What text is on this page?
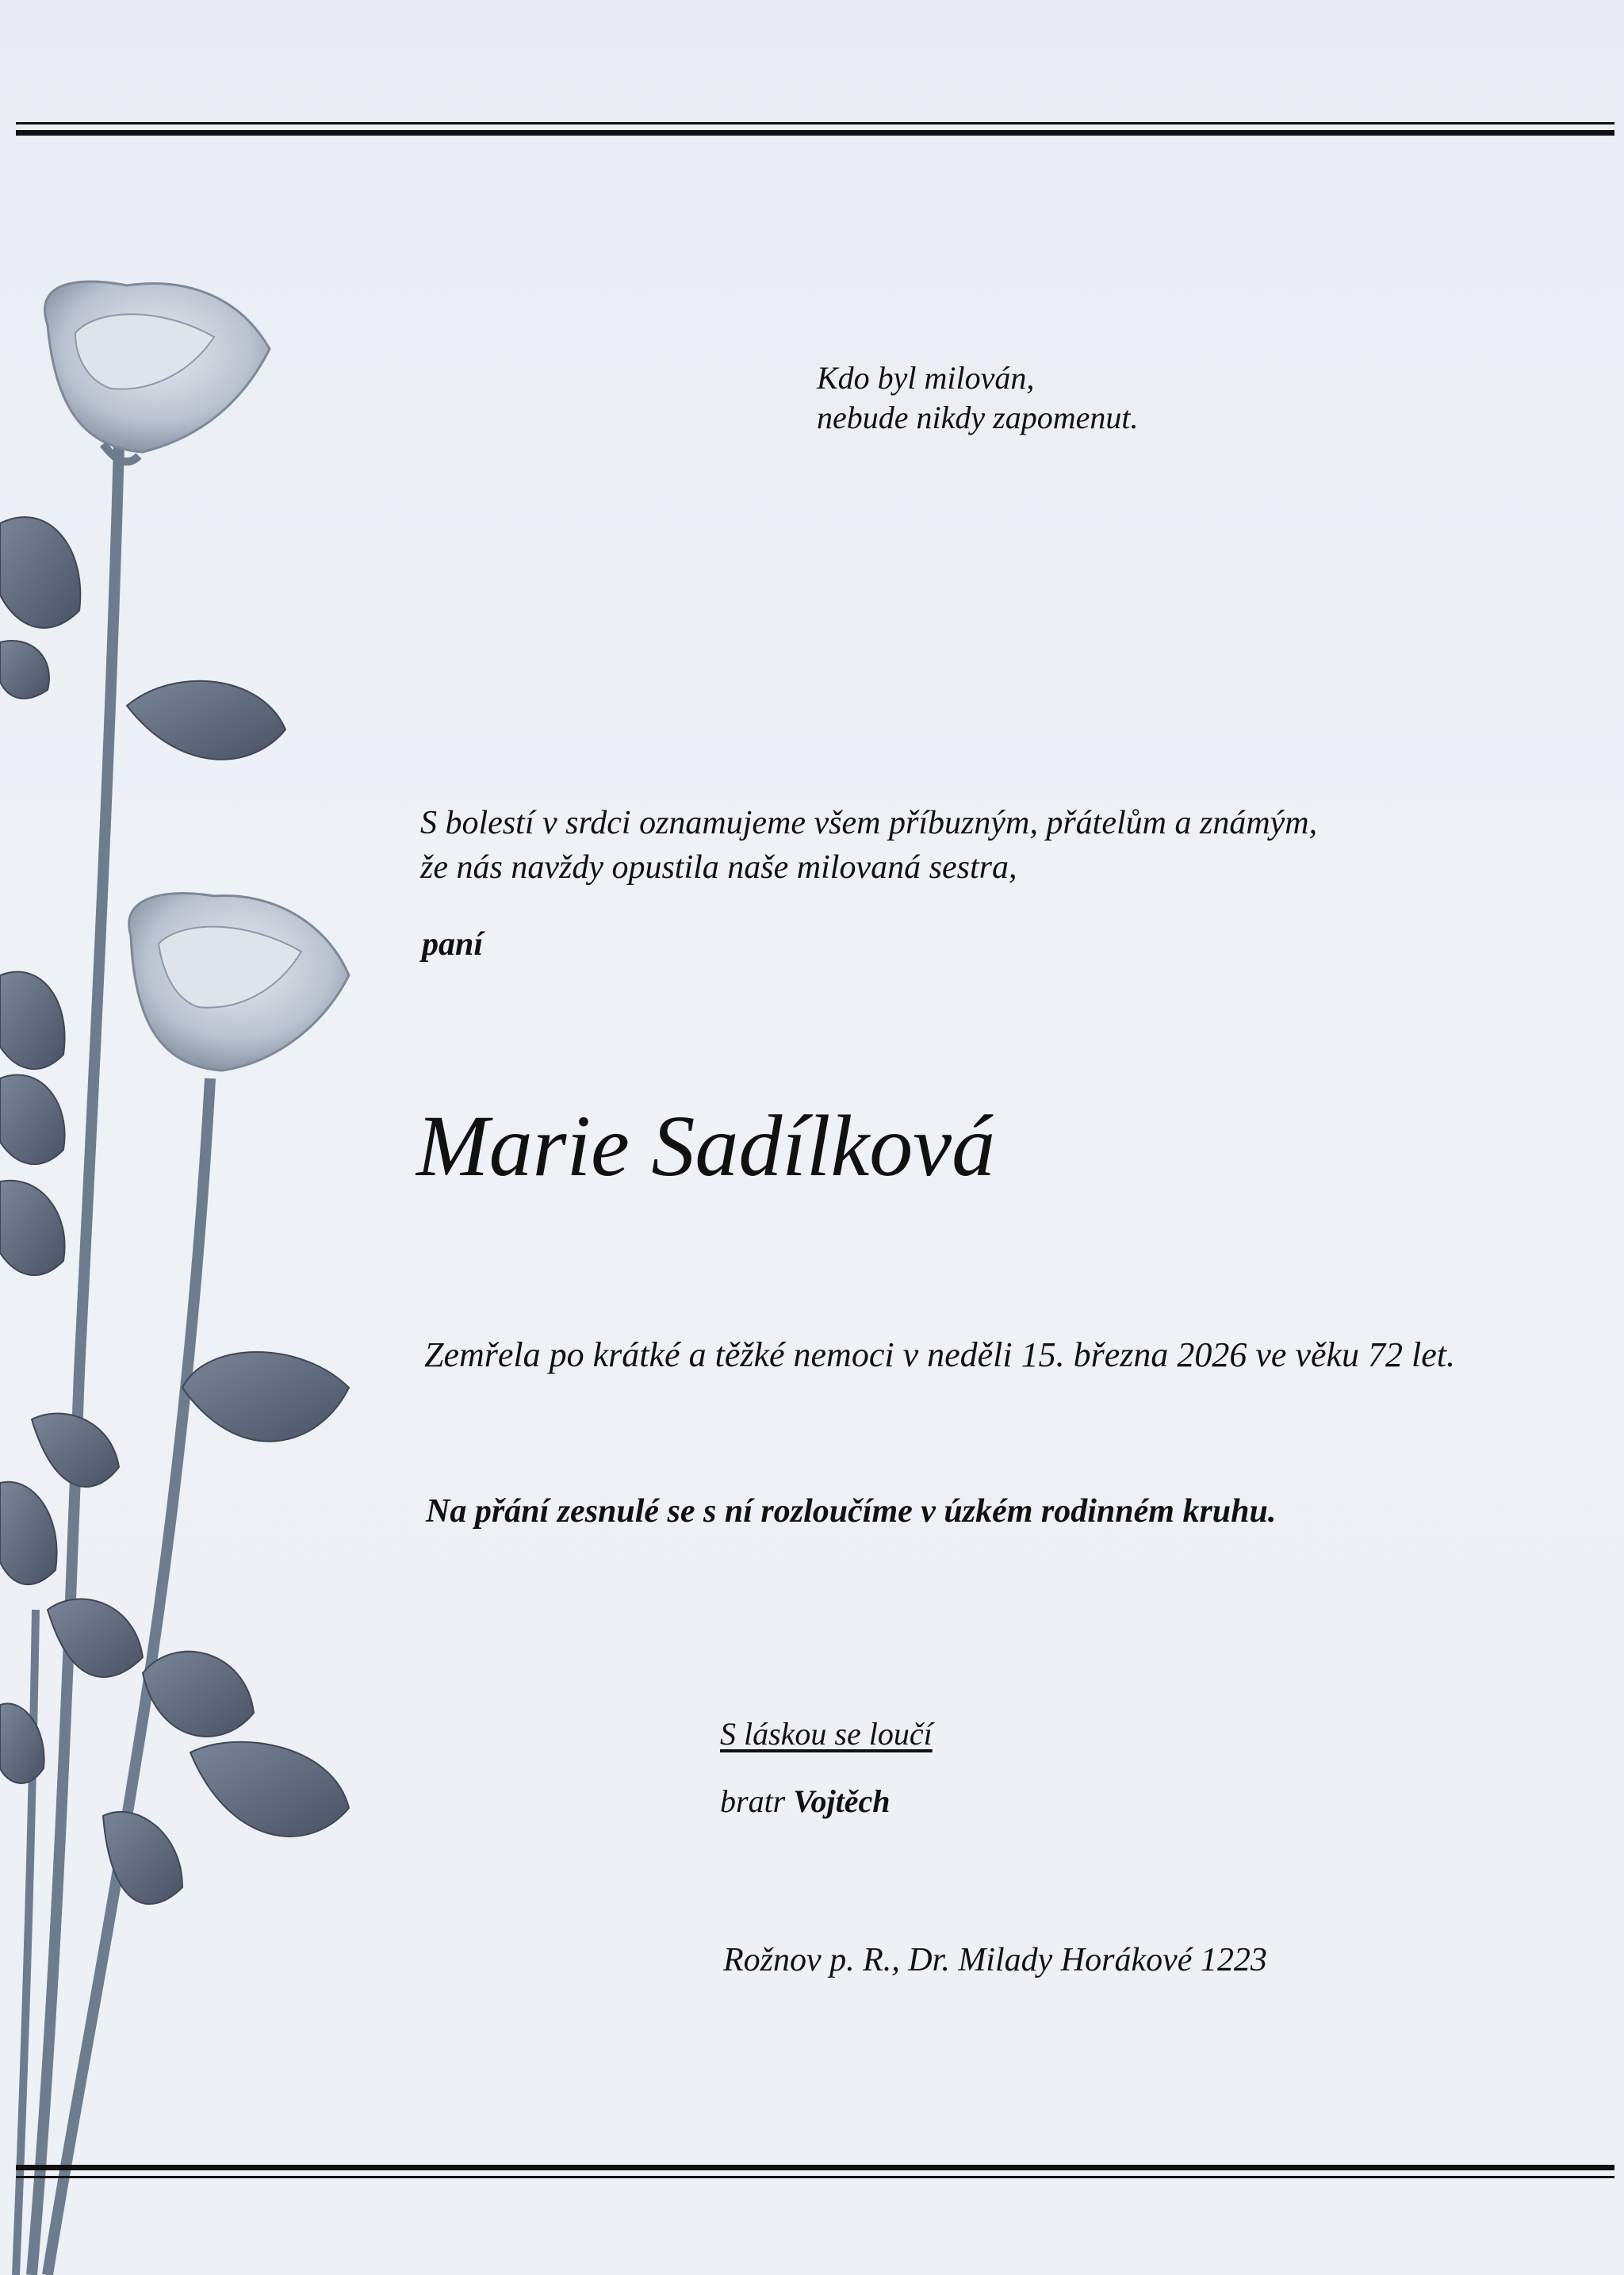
Kdo byl milován,
nebude nikdy zapomenut.
S bolestí v srdci oznamujeme všem příbuzným, přátelům a známým,
že nás navždy opustila naše milovaná sestra,
paní
Marie Sadílková
Zemřela po krátké a těžké nemoci v neděli 15. března 2026 ve věku 72 let.
Na přání zesnulé se s ní rozloučíme v úzkém rodinném kruhu.
S láskou se loučí
bratr Vojtěch
Rožnov p. R., Dr. Milady Horákové 1223
